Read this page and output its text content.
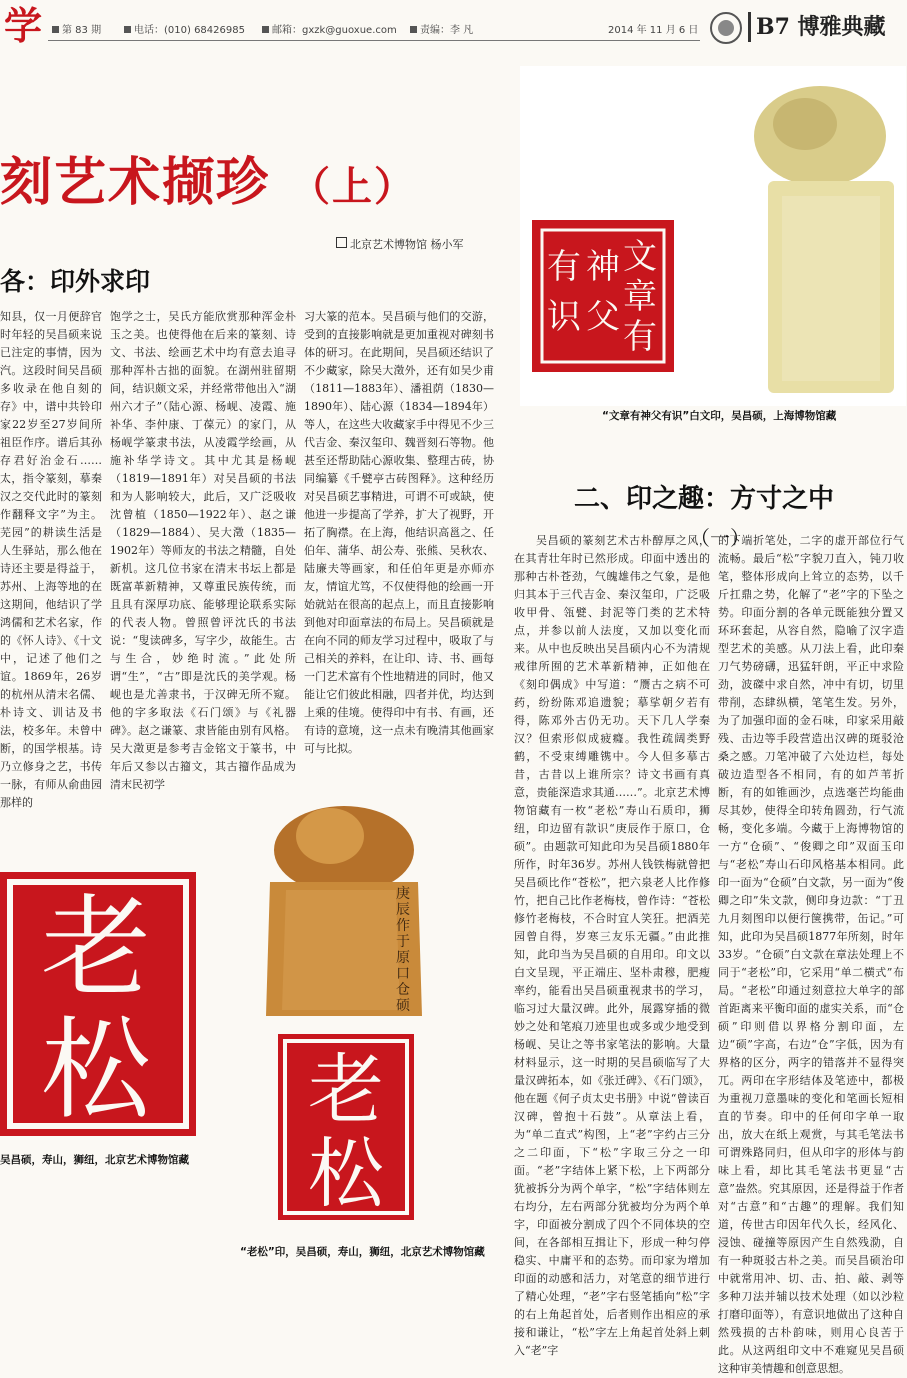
学	第 83 期	电话：(010) 68426985	邮箱：gxzk@guoxue.com	责编：李 凡	2014 年 11 月 6 日	B7 博雅典藏
刻艺术撷珍 （上）
北京艺术博物馆 杨小军
各：印外求印
知县，仅一月便辞官时年轻的吴昌硕来说已注定的事情，因为汽。这段时间吴昌硕多收录在他自刻的存》中，谱中共铃印家22岁至27岁间所祖臣作序。谱后其孙存君好治金石……太，指令篆刻，摹秦汉之交代此时的篆刻作翻释文字”为主。芜园”的耕读生活是人生驿站，那么他在诗还主要是得益于，苏州、上海等地的在这期间，他结识了学鸿儒和艺术名家，作的《怀人诗》、《十文中，记述了他们之谊。1869年，26岁的杭州从清末名儒、朴诗文、训诂及书法，校多年。未曾中断，的国学根基。诗乃立修身之艺，书传一脉，有师从俞曲园那样的
饱学之士，吴氏方能欣赏那种浑金朴玉之美。也使得他在后来的篆刻、诗文、书法、绘画艺术中均有意去追寻那种浑朴古拙的面貌。在湖州驻留期间，结识颇文采，并经常带他出入“湖州六才子”（陆心源、杨岘、凌霞、施补华、李仲康、丁葆元）的家门，从杨岘学篆隶书法，从凌霞学绘画，从施补华学诗文。其中尤其是杨岘（1819—1891年）对吴昌硕的书法和为人影响较大，此后，又广泛吸收沈曾植（1850—1922年）、赵之谦（1829—1884）、吴大澂（1835—1902年）等师友的书法之精髓，自处新机。这几位书家在清末书坛上都是既富革新精神，又尊重民族传统，而且具有深厚功底、能够理论联系实际的代表人物。曾照曾评沈氏的书法说：“叟读碑多，写字少，故能生。古与生合，妙绝时流。”此处所谓“生”，“古”即是沈氏的美学观。杨岘也是尤善隶书，于汉碑无所不窥。他的字多取法《石门颂》与《礼器碑》。赵之谦篆、隶皆能由别有风格。吴大澂更是参考吉金铭文于篆书，中年后又参以古籀文，其古籀作品成为清末民初学
习大篆的范本。吴昌硕与他们的交游，受到的直接影响就是更加重视对碑刻书体的研习。在此期间，吴昌硕还结识了不少藏家，除吴大澂外，还有如吴少甫（1811—1883年）、潘祖荫（1830—1890年）、陆心源（1834—1894年）等人，在这些大收藏家手中得见不少三代吉金、秦汉玺印、魏晋刻石等物。他甚至还帮助陆心源收集、整理古砖，协同编纂《千甓亭古砖图释》。这种经历对吴昌硕艺事精进，可谓不可或缺，使他进一步提高了学养，扩大了视野，开拓了胸襟。在上海，他结识高邕之、任伯年、蒲华、胡公寿、张熊、吴秋农、陆廉夫等画家，和任伯年更是亦师亦友，情谊尤笃，不仅使得他的绘画一开始就站在很高的起点上，而且直接影响到他对印面章法的布局上。吴昌硕就是在向不同的师友学习过程中，吸取了与己相关的养料，在让印、诗、书、画每一门艺术富有个性地精进的同时，他又能让它们彼此相融，四者并优，均达到上乘的佳境。使得印中有书、有画，还有诗的意境，这一点未有晚清其他画家可与比拟。
吴昌硕的篆刻艺术古朴醇厚之风，在其青壮年时已然形成。印面中透出的那种古朴苍劲，气魄雄伟之气象，是他归其本于三代吉金、秦汉玺印，广泛吸收甲骨、瓴甓、封泥等门类的艺术特点，并参以前人法度，又加以变化而来。从中也反映出吴昌硕内心不为清规戒律所囿的艺术革新精神，正如他在《刻印偶成》中写道：“赝古之病不可药，纷纷陈邓追遗貌；摹挲朝夕若有得，陈邓外古仍无功。天下几人学秦汉？但索形似成疲癃。我性疏阔类野鹤，不受束缚雕镌中。今人但多摹古昔，古昔以上谁所宗？诗文书画有真意，贵能深造求其通……”。北京艺术博物馆藏有一枚“老松”寿山石质印，狮纽，印边留有款识“庚辰作于原口，仓硕”。由题款可知此印为吴昌硕1880年所作，时年36岁。苏州人钱铁梅就曾把吴昌硕比作“苍松”，把六泉老人比作修竹，把自己比作老梅枝，曾作诗：“苍松修竹老梅枝，不合时宜人笑狂。把酒芜园曾自得，岁寒三友乐无疆。”由此推知，此印当为吴昌硕的自用印。印文以白文呈现，平正端庄、坚朴肃穆，肥瘦率约，能看出吴昌硕重视隶书的学习，临习过大量汉碑。此外，展露穿插的微妙之处和笔痕刀迹里也或多或少地受到杨岘、吴让之等书家笔法的影响。大量材料显示，这一时期的吴昌硕临写了大量汉碑拓本，如《张迁碑》、《石门颂》，他在题《何子贞太史书册》中说“曾读百汉碑，曾抱十石鼓”。从章法上看，为“单二直式”构图，上“老”字约占三分之二印面，下“松”字取三分之一印面。“老”字结体上紧下松，上下两部分犹被拆分为两个单字，“松”字结体则左右均分，左右两部分犹被均分为两个单字，印面被分割成了四个不同体块的空间，在各部相互揖让下，形成一种匀停稳实、中庸平和的态势。而印家为增加印面的动感和活力，对笔意的细节进行了精心处理，“老”字右竖笔插向“松”字的右上角起首处，后者则作出相应的承接和谦让，“松”字左上角起首处斜上刺入“老”字
的下端折笔处，二字的虚开部位行气流畅。最后“松”字貌刀直入，钝刀收笔，整体形成向上耸立的态势，以千斤扛鼎之势，化解了“老”字的下坠之势。印面分割的各单元既能独分置又环环套起，从容自然，隐喻了汉字造型艺术的美感。从刀法上看，此印秦刀气势磅礴，迅猛轩朗，平正中求险劲，波磔中求自然，冲中有切，切里带削，态肆纵横，笔笔生发。另外，为了加强印面的金石味，印家采用敲残、击边等手段营造出汉碑的斑驳沧桑之感。刀笔冲破了六处边栏，每处破边造型各不相同，有的如芦苇折断，有的如锥画沙，点选毫芒均能曲尽其妙，使得全印转角圆劲，行气流畅，变化多端。今藏于上海博物馆的一方“仓硕”、“俊卿之印”双面玉印与“老松”寿山石印风格基本相同。此印一面为“仓硕”白文款，另一面为“俊卿之印”朱文款，侧印身边款：“丁丑九月刻图印以便行箧携带，缶记。”可知，此印为吴昌硕1877年所刻，时年33岁。“仓硕”白文款在章法处理上不同于“老松”印，它采用“单二横式”布局。“老松”印通过刻意拉大单字的部首距离来平衡印面的虚实关系，而“仓硕”印则借以界格分割印面，左边“硕”字高，右边“仓”字低，因为有界格的区分，两字的错落并不显得突兀。两印在字形结体及笔迹中，都极为重视刀意墨味的变化和笔画长短相直的节奏。印中的任何印字单一取出，放大在纸上观赏，与其毛笔法书可谓殊路同归，但从印字的形体与韵味上看，却比其毛笔法书更显“古意”盎然。究其原因，还是得益于作者对“古意”和“古趣”的理解。我们知道，传世古印因年代久长，经风化、浸蚀、碰撞等原因产生自然残泐，自有一种斑驳古朴之美。而吴昌硕治印中就常用冲、切、击、拍、敲、剥等多种刀法并辅以技术处理（如以沙粒打磨印面等），有意识地做出了这种自然残损的古朴韵味，则用心良苦于此。从这两组印文中不难窥见吴昌硕这种审美情趣和创意思想。
文
章
有
神
父
有
识
“文章有神父有识”白文印，吴昌硕，上海博物馆藏
二、印之趣：方寸之中
（一）
庚辰作于原口仓硕
老
松
吴昌硕，寿山，狮纽，北京艺术博物馆藏
老
松
“老松”印，吴昌硕，寿山，狮纽，北京艺术博物馆藏
